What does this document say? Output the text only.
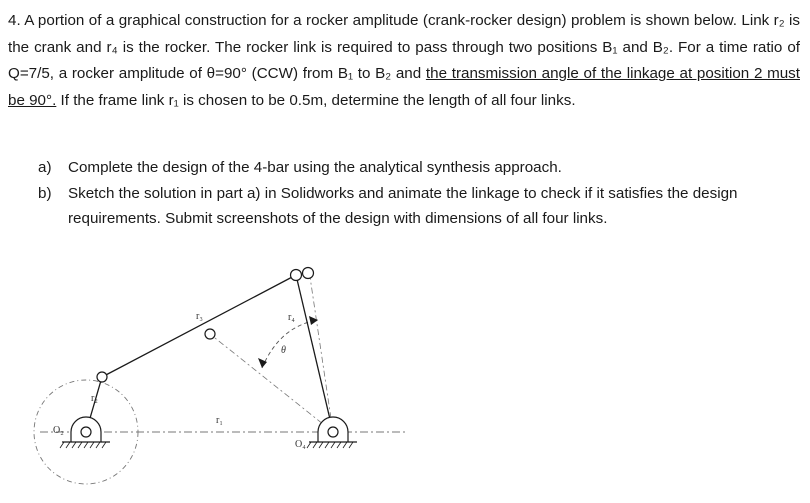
4. A portion of a graphical construction for a rocker amplitude (crank-rocker design) problem is shown below. Link r₂ is the crank and r₄ is the rocker. The rocker link is required to pass through two positions B₁ and B₂. For a time ratio of Q=7/5, a rocker amplitude of θ=90° (CCW) from B₁ to B₂ and the transmission angle of the linkage at position 2 must be 90°. If the frame link r₁ is chosen to be 0.5m, determine the length of all four links.

a) Complete the design of the 4-bar using the analytical synthesis approach.
b) Sketch the solution in part a) in Solidworks and animate the linkage to check if it satisfies the design requirements. Submit screenshots of the design with dimensions of all four links.
r₂
r₃	r₄
r₁
O₂
O₄
θ
